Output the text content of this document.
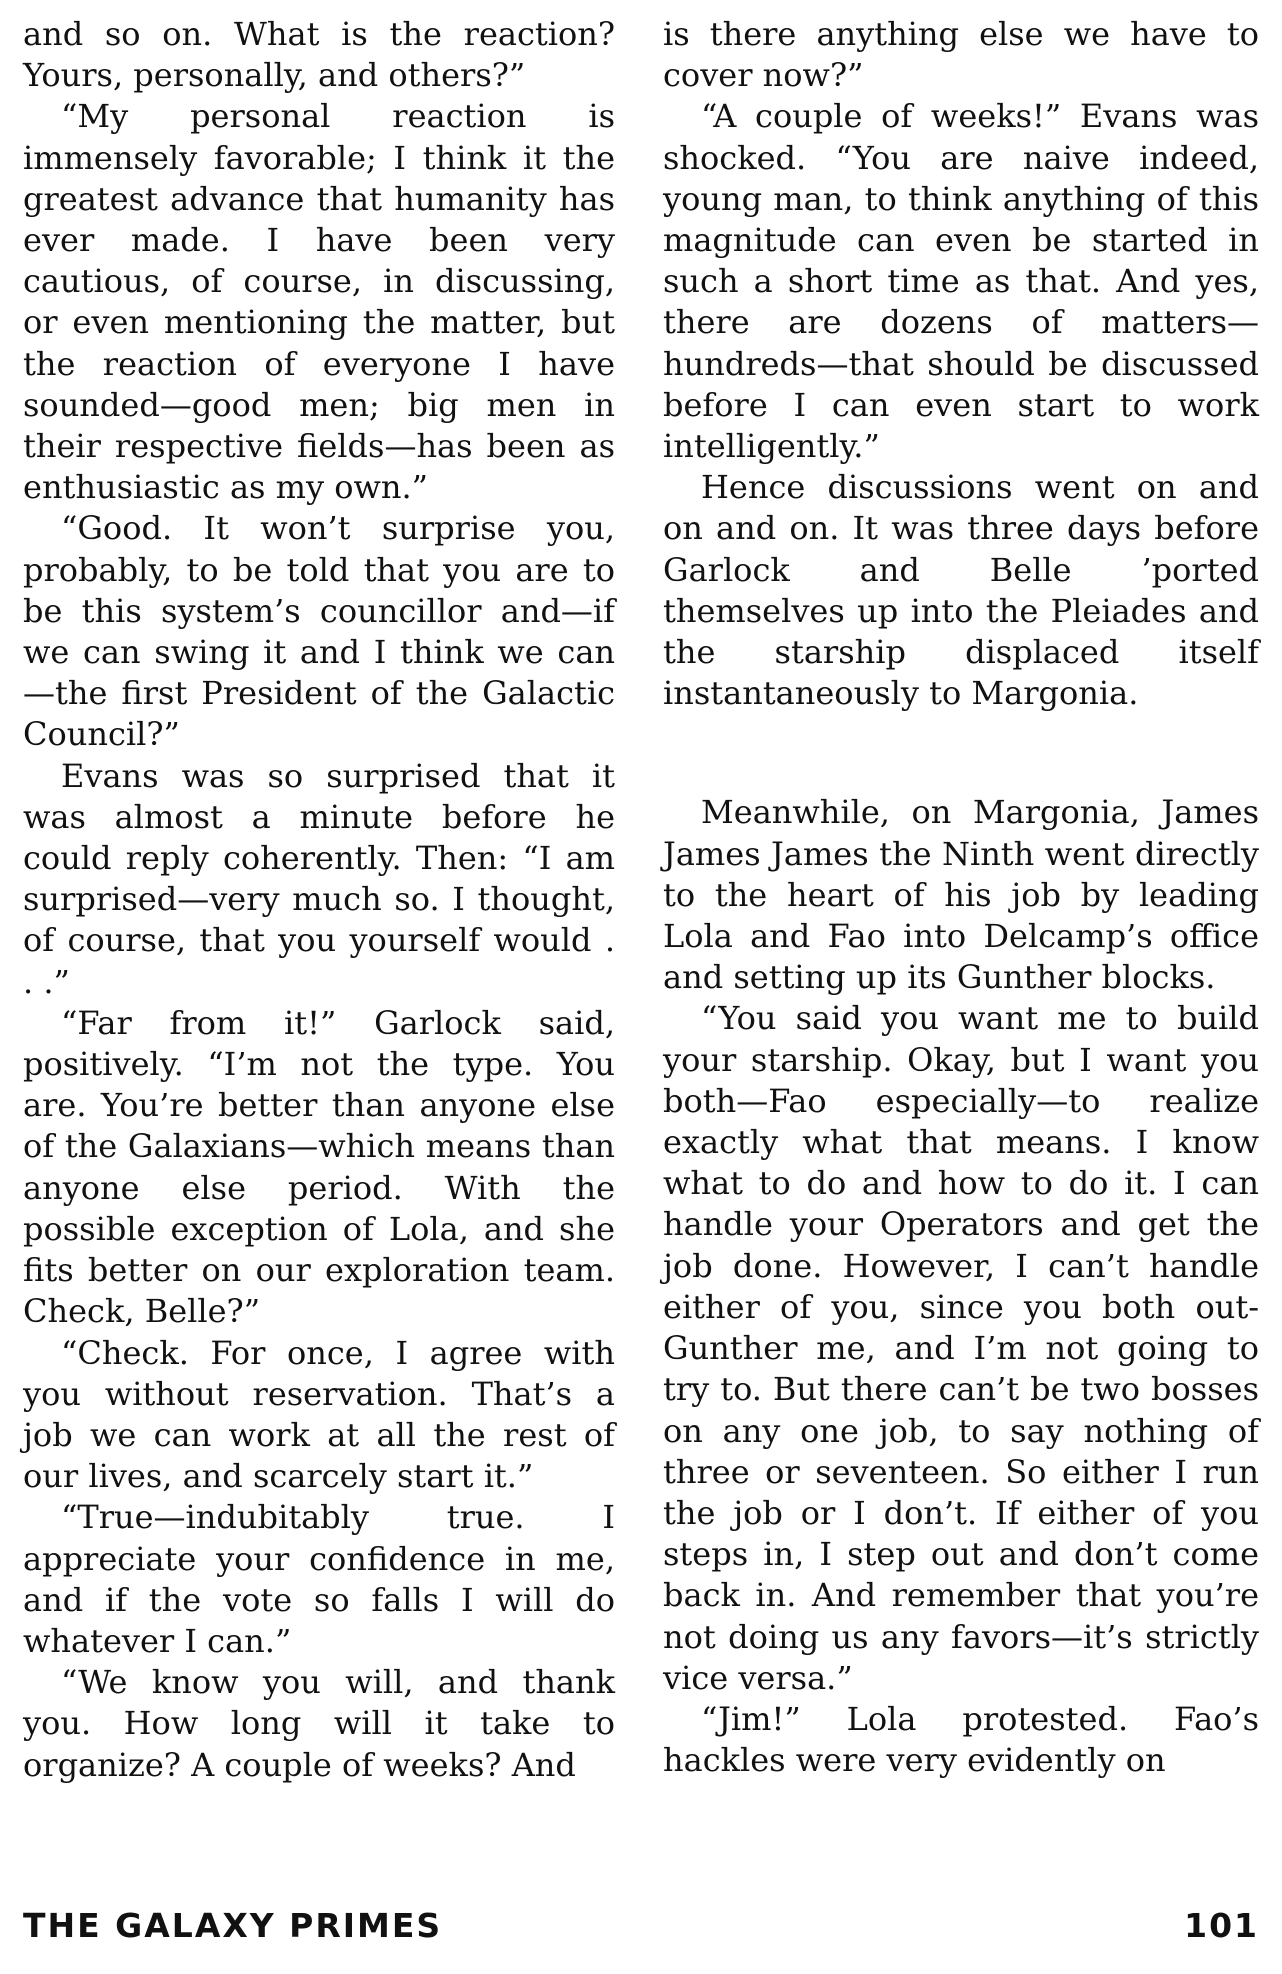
and so on. What is the reaction? Yours, personally, and others?”

“My personal reaction is immensely favorable; I think it the greatest advance that humanity has ever made. I have been very cautious, of course, in discussing, or even mentioning the matter, but the reaction of everyone I have sounded—good men; big men in their respective fields—has been as enthusiastic as my own.”

“Good. It won’t surprise you, probably, to be told that you are to be this system’s councillor and—if we can swing it and I think we can—the first President of the Galactic Council?”

Evans was so surprised that it was almost a minute before he could reply coherently. Then: “I am surprised—very much so. I thought, of course, that you yourself would . . .”

“Far from it!” Garlock said, positively. “I’m not the type. You are. You’re better than anyone else of the Galaxians—which means than anyone else period. With the possible exception of Lola, and she fits better on our exploration team. Check, Belle?”

“Check. For once, I agree with you without reservation. That’s a job we can work at all the rest of our lives, and scarcely start it.”

“True—indubitably true. I appreciate your confidence in me, and if the vote so falls I will do whatever I can.”

“We know you will, and thank you. How long will it take to organize? A couple of weeks? And

is there anything else we have to cover now?”

“A couple of weeks!” Evans was shocked. “You are naive indeed, young man, to think anything of this magnitude can even be started in such a short time as that. And yes, there are dozens of matters—hundreds—that should be discussed before I can even start to work intelligently.”

Hence discussions went on and on and on. It was three days before Garlock and Belle ’ported themselves up into the Pleiades and the starship displaced itself instantaneously to Margonia.

Meanwhile, on Margonia, James James James the Ninth went directly to the heart of his job by leading Lola and Fao into Delcamp’s office and setting up its Gunther blocks.

“You said you want me to build your starship. Okay, but I want you both—Fao especially—to realize exactly what that means. I know what to do and how to do it. I can handle your Operators and get the job done. However, I can’t handle either of you, since you both out-Gunther me, and I’m not going to try to. But there can’t be two bosses on any one job, to say nothing of three or seventeen. So either I run the job or I don’t. If either of you steps in, I step out and don’t come back in. And remember that you’re not doing us any favors—it’s strictly vice versa.”

“Jim!” Lola protested. Fao’s hackles were very evidently on

THE GALAXY PRIMES	101
